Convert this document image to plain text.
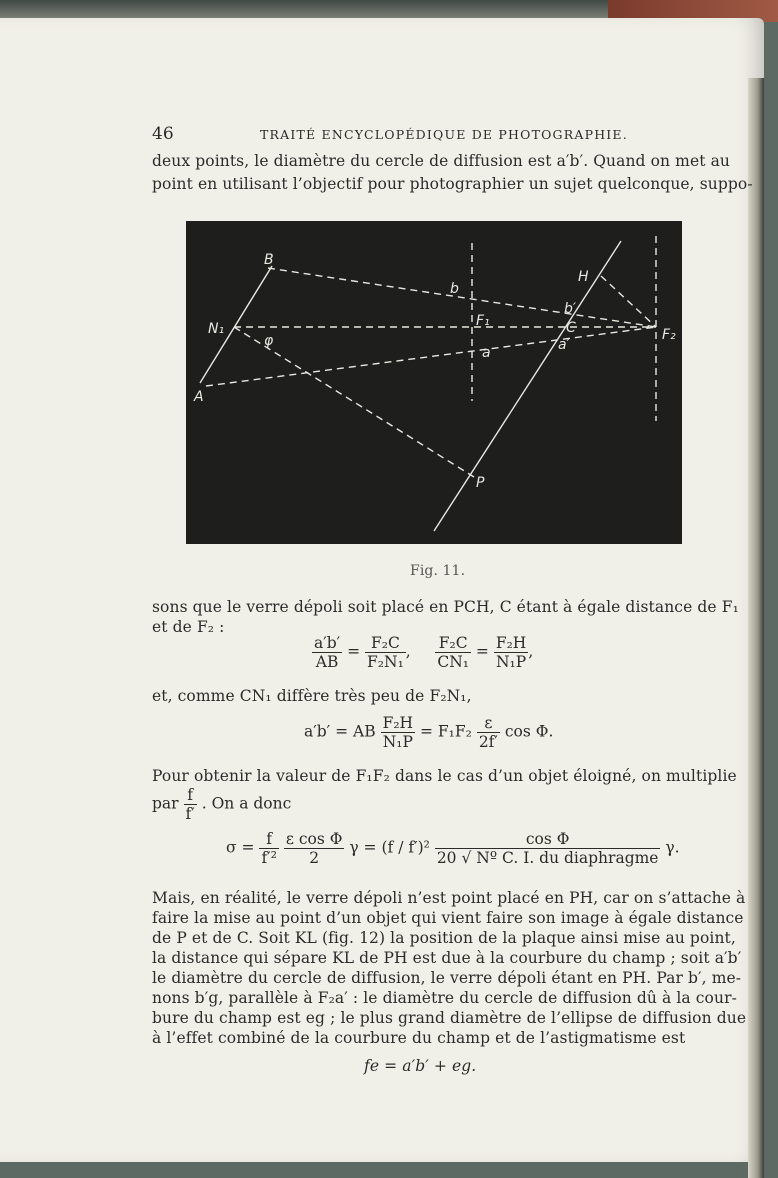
46	TRAITÉ ENCYCLOPÉDIQUE DE PHOTOGRAPHIE.
deux points, le diamètre du cercle de diffusion est a′b′. Quand on met au
point en utilisant l’objectif pour photographier un sujet quelconque, suppo-
B
N₁
A
φ
b
F₁
a
H
b′
C
a′
F₂
P
Fig. 11.
sons que le verre dépoli soit placé en PCH, C étant à égale distance de F₁
et de F₂ :
$\frac{a'b'}{AB} = \frac{\text{F₂C}}{\text{F₂N₁}}$ , $\frac{\text{F₂C}}{\text{CN₁}} = \frac{\text{F₂H}}{\text{N₁P}}$ ,
et, comme CN₁ diffère très peu de F₂N₁,
a′b′ = AB $\frac{\text{F₂H}}{\text{N₁P}} = F_1F_2 \frac{\varepsilon}{2f'}$ cos Φ.
Pour obtenir la valeur de F₁F₂ dans le cas d’un objet éloigné, on multiplie
par $\frac{f}{f'}$ . On a donc
$\sigma = \frac{f}{\text{f′²}}$
$\frac{\text{ε cos Φ}}{2}$ $\gamma = (f / f')^2 \frac{\text{cos Φ}}{\text{20 √ Nº C. I. du diaphragme}} \gamma$.
Mais, en réalité, le verre dépoli n’est point placé en PH, car on s’attache à
faire la mise au point d’un objet qui vient faire son image à égale distance
de P et de C. Soit KL (fig. 12) la position de la plaque ainsi mise au point,
la distance qui sépare KL de PH est due à la courbure du champ ; soit a′b′
le diamètre du cercle de diffusion, le verre dépoli étant en PH. Par b′, me-
nons b′g, parallèle à F₂a′ : le diamètre du cercle de diffusion dû à la cour-
bure du champ est eg ; le plus grand diamètre de l’ellipse de diffusion due
à l’effet combiné de la courbure du champ et de l’astigmatisme est
fe = a′b′ + eg.
